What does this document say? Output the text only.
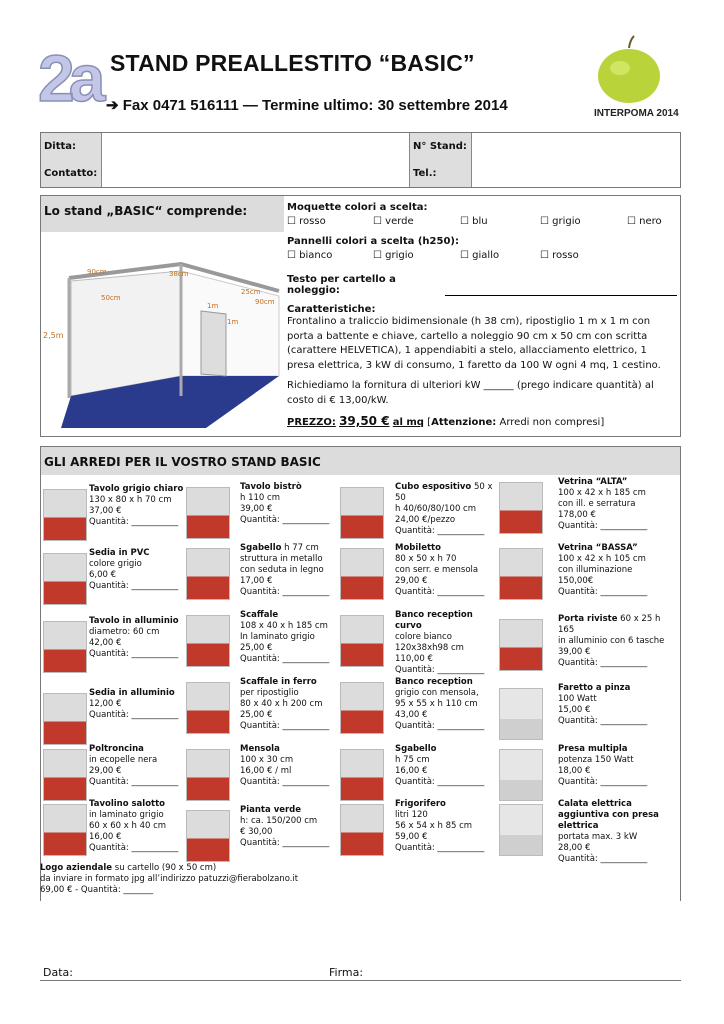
2a STAND PREALLESTITO “BASIC”
➔ Fax 0471 516111 — Termine ultimo: 30 settembre 2014	INTERPOMA 2014
Ditta:	N° Stand:
Contatto:	Tel.:
Lo stand „BASIC“ comprende:
90cm	38cm
25cm
50cm	90cm
1m
1m
2,5m
Moquette colori a scelta:
☐ rosso	☐ verde	☐ blu	☐ grigio	☐ nero
Pannelli colori a scelta (h250):
☐ bianco	☐ grigio	☐ giallo	☐ rosso
Testo per cartello a noleggio:
Caratteristiche:
Frontalino a traliccio bidimensionale (h 38 cm), ripostiglio 1 m x 1 m con porta a battente e chiave, cartello a noleggio 90 cm x 50 cm con scritta (carattere HELVETICA), 1 appendiabiti a stelo, allacciamento elettrico, 1 presa elettrica, 3 kW di consumo, 1 faretto da 100 W ogni 4 mq, 1 cestino.
Richiediamo la fornitura di ulteriori kW ______ (prego indicare quantità) al costo di € 13,00/kW.
PREZZO: 39,50 € al mq [Attenzione: Arredi non compresi]
GLI ARREDI PER IL VOSTRO STAND BASIC
Tavolo grigio chiaro
130 x 80 x h 70 cm
37,00 €
Quantità: ___________
Sedia in PVC
colore grigio
6,00 €
Quantità: ___________
Tavolo in alluminio
diametro: 60 cm
42,00 €
Quantità: ___________
Sedia in alluminio
12,00 €
Quantità: ___________
Poltroncina
in ecopelle nera
29,00 €
Quantità: ___________
Tavolino salotto
in laminato grigio
60 x 60 x h 40 cm
16,00 €
Quantità: ___________
Tavolo bistrò
h 110 cm
39,00 €
Quantità: ___________
Sgabello h 77 cm
struttura in metallo
con seduta in legno
17,00 €
Quantità: ___________
Scaffale
108 x 40 x h 185 cm
In laminato grigio
25,00 €
Quantità: ___________
Scaffale in ferro
per ripostiglio
80 x 40 x h 200 cm
25,00 €
Quantità: ___________
Mensola
100 x 30 cm
16,00 € / ml
Quantità: ___________
Pianta verde
h: ca. 150/200 cm
€ 30,00
Quantità: ___________
Cubo espositivo 50 x 50
h 40/60/80/100 cm
24,00 €/pezzo
Quantità: ___________
Mobiletto
80 x 50 x h 70
con serr. e mensola
29,00 €
Quantità: ___________
Banco reception curvo
colore bianco
120x38xh98 cm
110,00 €
Quantità: ___________
Banco reception
grigio con mensola,
95 x 55 x h 110 cm
43,00 €
Quantità: ___________
Sgabello
h 75 cm
16,00 €
Quantità: ___________
Frigorifero
litri 120
56 x 54 x h 85 cm
59,00 €
Quantità: ___________
Vetrina “ALTA”
100 x 42 x h 185 cm
con ill. e serratura
178,00 €
Quantità: ___________
Vetrina “BASSA”
100 x 42 x h 105 cm
con illuminazione
150,00€
Quantità: ___________
Porta riviste 60 x 25 h 165
in alluminio con 6 tasche
39,00 €
Quantità: ___________
Faretto a pinza
100 Watt
15,00 €
Quantità: ___________
Presa multipla
potenza 150 Watt
18,00 €
Quantità: ___________
Calata elettrica aggiuntiva con presa elettrica
portata max. 3 kW
28,00 €
Quantità: ___________
Logo aziendale su cartello (90 x 50 cm)
da inviare in formato jpg all’indirizzo patuzzi@fierabolzano.it
69,00 € - Quantità: _______
Data:	Firma:
